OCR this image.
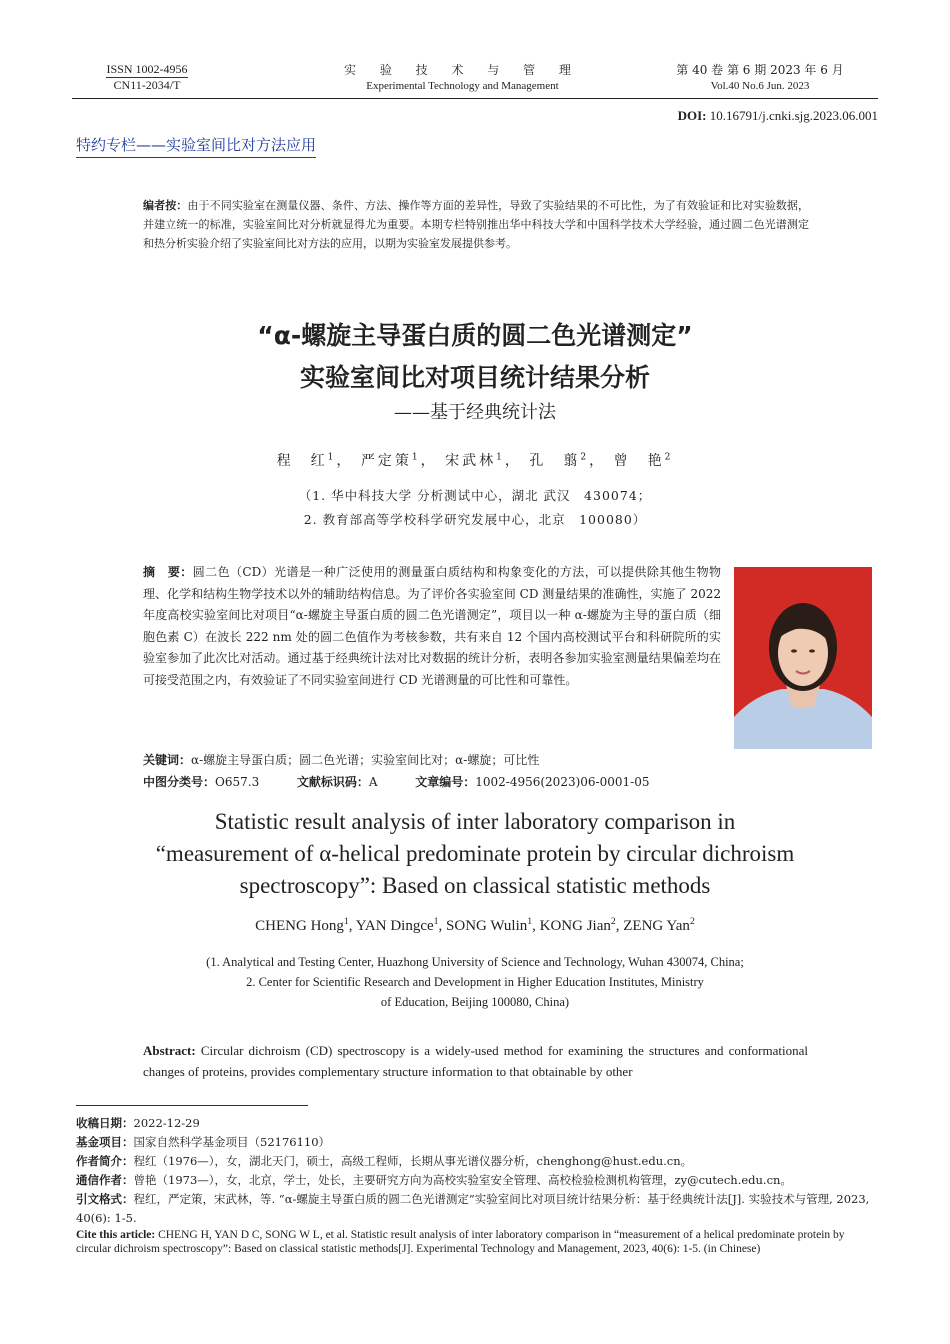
ISSN 1002-4956
CN11-2034/T
实 验 技 术 与 管 理
Experimental Technology and Management
第 40 卷 第 6 期 2023 年 6 月
Vol.40 No.6 Jun. 2023
DOI: 10.16791/j.cnki.sjg.2023.06.001
特约专栏——实验室间比对方法应用
编者按：由于不同实验室在测量仪器、条件、方法、操作等方面的差异性，导致了实验结果的不可比性，为了有效验证和比对实验数据，并建立统一的标准，实验室间比对分析就显得尤为重要。本期专栏特别推出华中科技大学和中国科学技术大学经验，通过圆二色光谱测定和热分析实验介绍了实验室间比对方法的应用，以期为实验室发展提供参考。
“α-螺旋主导蛋白质的圆二色光谱测定”
实验室间比对项目统计结果分析
——基于经典统计法
程　红$^1$， 严定策$^1$， 宋武林$^1$， 孔　翦$^2$， 曾　艳$^2$
（1. 华中科技大学 分析测试中心，湖北 武汉　430074；
2. 教育部高等学校科学研究发展中心，北京　100080）
摘　要：圆二色（CD）光谱是一种广泛使用的测量蛋白质结构和构象变化的方法，可以提供除其他生物物理、化学和结构生物学技术以外的辅助结构信息。为了评价各实验室间 CD 测量结果的准确性，实施了 2022 年度高校实验室间比对项目“α-螺旋主导蛋白质的圆二色光谱测定”，项目以一种 α-螺旋为主导的蛋白质（细胞色素 C）在波长 222 nm 处的圆二色值作为考核参数，共有来自 12 个国内高校测试平台和科研院所的实验室参加了此次比对活动。通过基于经典统计法对比对数据的统计分析，表明各参加实验室测量结果偏差均在可接受范围之内，有效验证了不同实验室间进行 CD 光谱测量的可比性和可靠性。
关键词：α-螺旋主导蛋白质；圆二色光谱；实验室间比对；α-螺旋；可比性
中图分类号：O657.3	文献标识码：A	文章编号：1002-4956(2023)06-0001-05
Statistic result analysis of inter laboratory comparison in
“measurement of α-helical predominate protein by circular dichroism
spectroscopy”: Based on classical statistic methods
CHENG Hong$^1$, YAN Dingce$^1$, SONG Wulin$^1$, KONG Jian$^2$, ZENG Yan$^2$
(1. Analytical and Testing Center, Huazhong University of Science and Technology, Wuhan 430074, China;
2. Center for Scientific Research and Development in Higher Education Institutes, Ministry
of Education, Beijing 100080, China)
Abstract: Circular dichroism (CD) spectroscopy is a widely-used method for examining the structures and conformational changes of proteins, provides complementary structure information to that obtainable by other
收稿日期：2022-12-29
基金项目：国家自然科学基金项目（52176110）
作者简介：程红（1976—），女，湖北天门，硕士，高级工程师，长期从事光谱仪器分析，chenghong@hust.edu.cn。
通信作者：曾艳（1973—），女，北京，学士，处长，主要研究方向为高校实验室安全管理、高校检验检测机构管理，zy@cutech.edu.cn。
引文格式：程红，严定策，宋武林，等. “α-螺旋主导蛋白质的圆二色光谱测定”实验室间比对项目统计结果分析：基于经典统计法[J]. 实验技术与管理, 2023, 40(6): 1-5.
Cite this article: CHENG H, YAN D C, SONG W L, et al. Statistic result analysis of inter laboratory comparison in “measurement of a helical predominate protein by circular dichroism spectroscopy”: Based on classical statistic methods[J]. Experimental Technology and Management, 2023, 40(6): 1-5. (in Chinese)
